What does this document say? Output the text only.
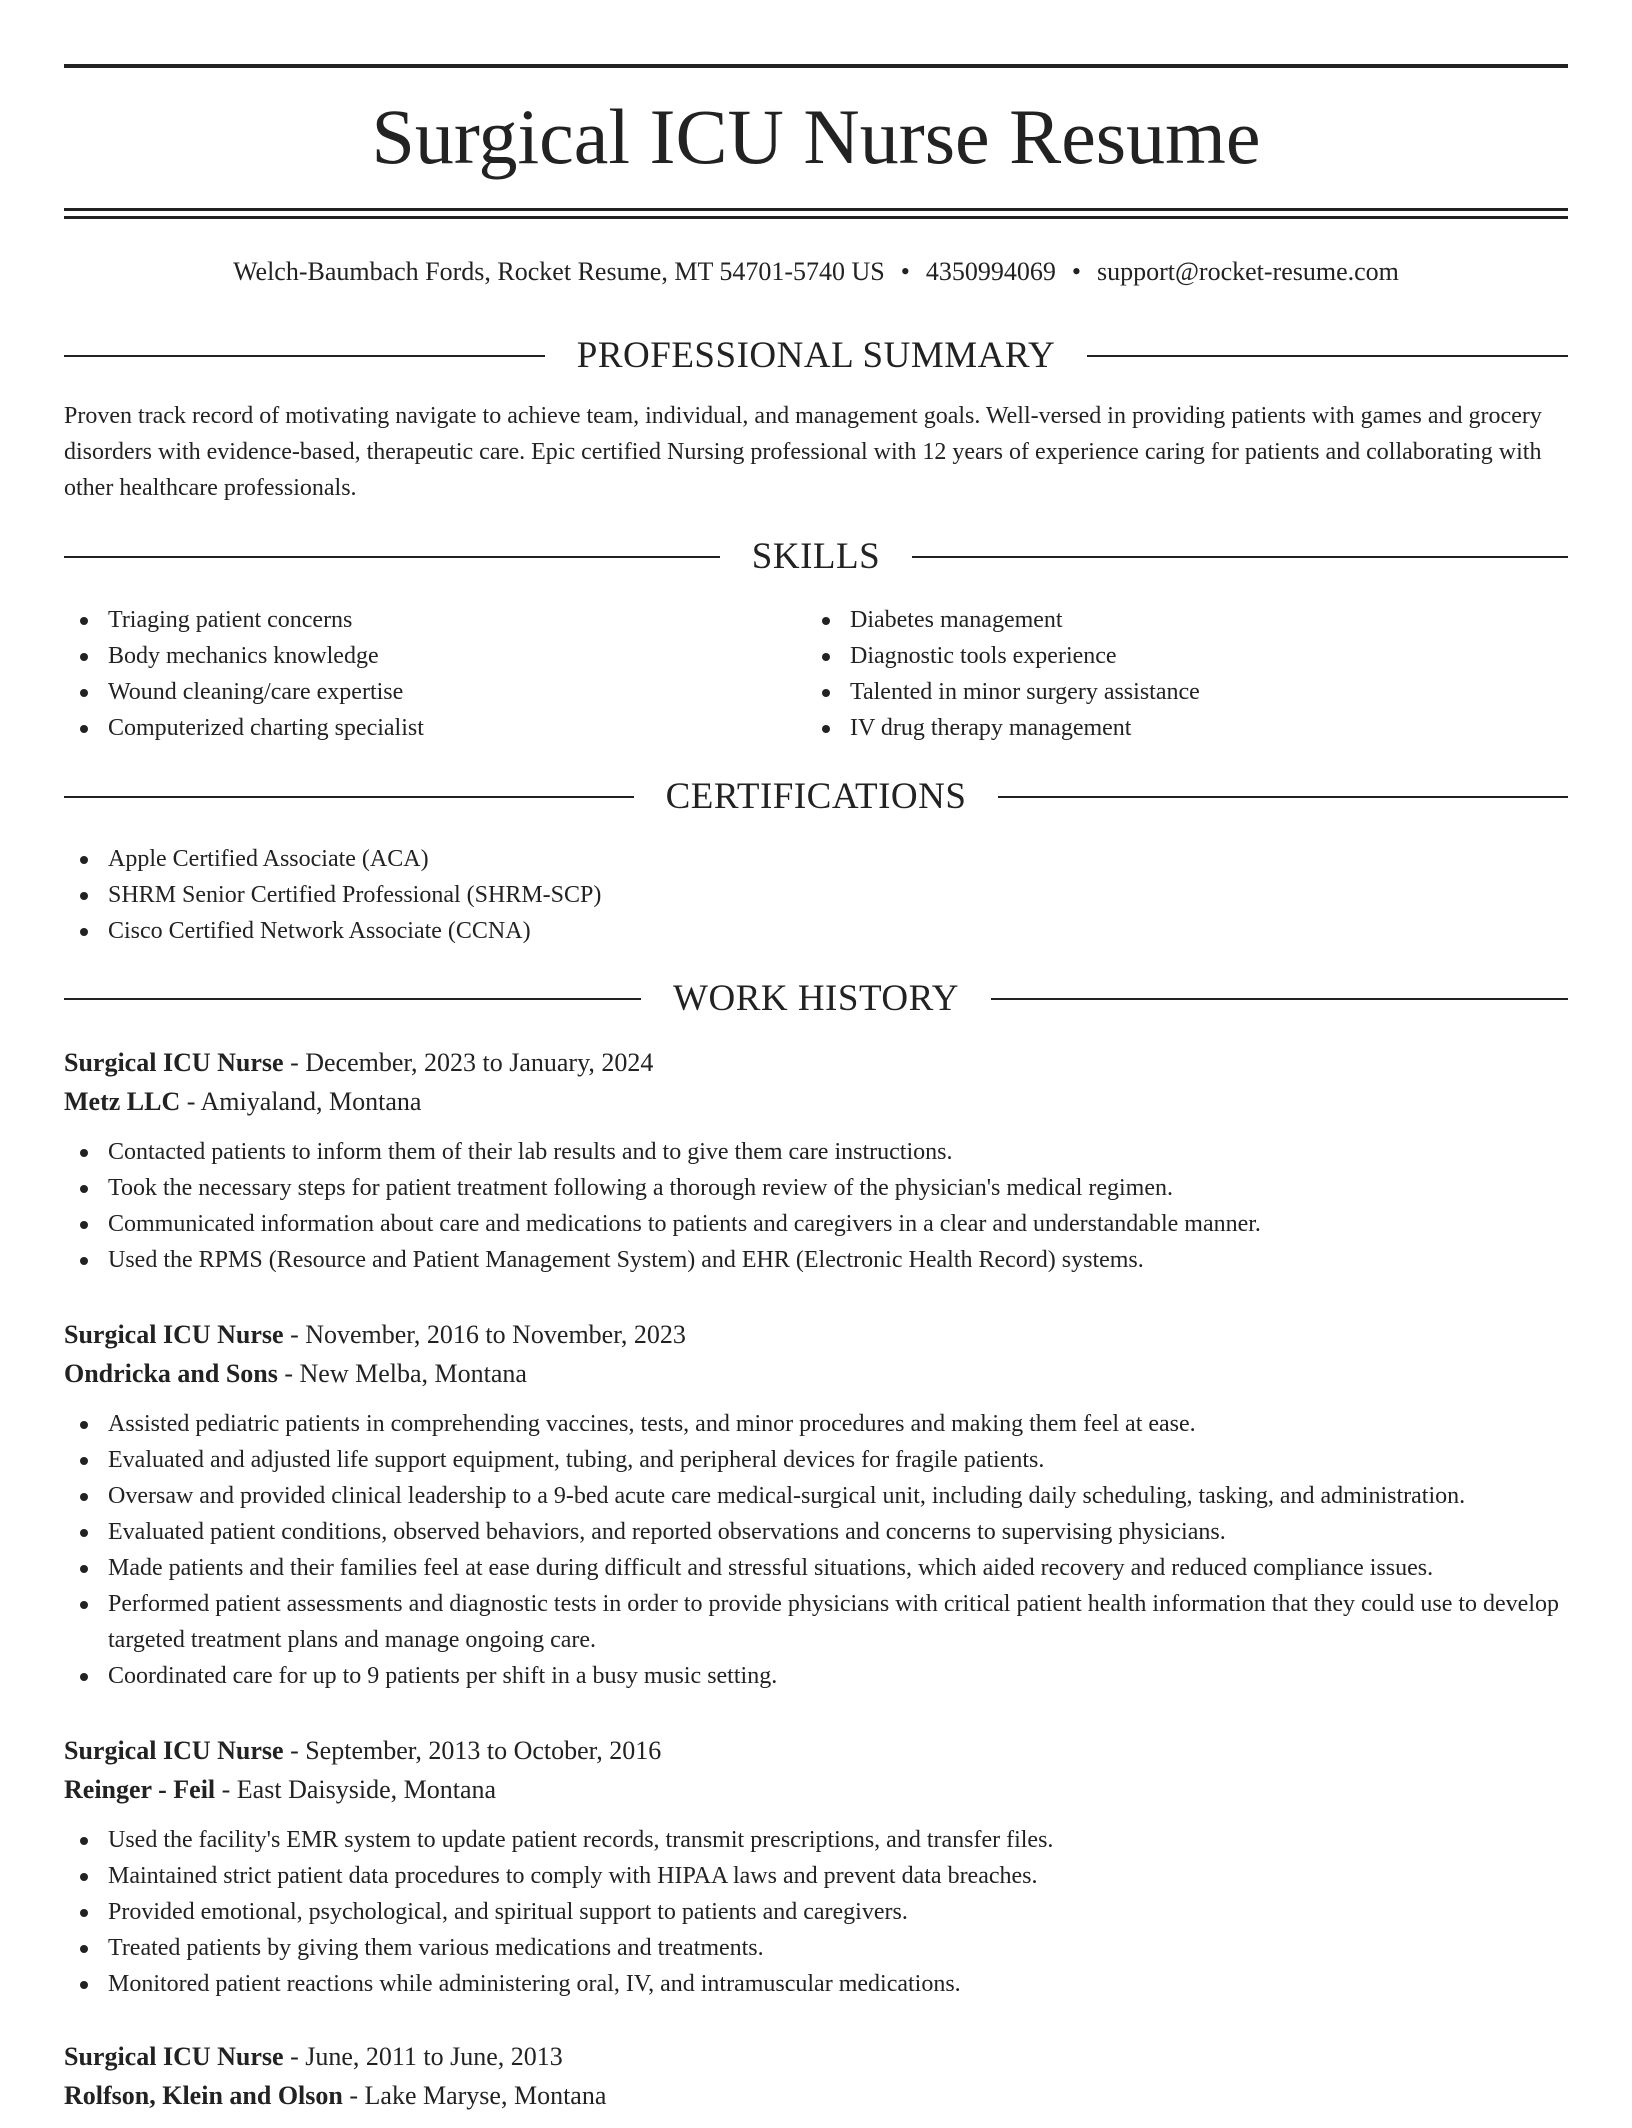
Surgical ICU Nurse Resume
Welch-Baumbach Fords, Rocket Resume, MT 54701-5740 US • 4350994069 • support@rocket-resume.com
PROFESSIONAL SUMMARY

Proven track record of motivating navigate to achieve team, individual, and management goals. Well-versed in providing patients with games and grocery disorders with evidence-based, therapeutic care. Epic certified Nursing professional with 12 years of experience caring for patients and collaborating with other healthcare professionals.

SKILLS
Triaging patient concerns
Body mechanics knowledge
Wound cleaning/care expertise
Computerized charting specialist
Diabetes management
Diagnostic tools experience
Talented in minor surgery assistance
IV drug therapy management
CERTIFICATIONS
Apple Certified Associate (ACA)
SHRM Senior Certified Professional (SHRM-SCP)
Cisco Certified Network Associate (CCNA)
WORK HISTORY
Surgical ICU Nurse - December, 2023 to January, 2024
Metz LLC - Amiyaland, Montana
Contacted patients to inform them of their lab results and to give them care instructions.
Took the necessary steps for patient treatment following a thorough review of the physician's medical regimen.
Communicated information about care and medications to patients and caregivers in a clear and understandable manner.
Used the RPMS (Resource and Patient Management System) and EHR (Electronic Health Record) systems.
Surgical ICU Nurse - November, 2016 to November, 2023
Ondricka and Sons - New Melba, Montana
Assisted pediatric patients in comprehending vaccines, tests, and minor procedures and making them feel at ease.
Evaluated and adjusted life support equipment, tubing, and peripheral devices for fragile patients.
Oversaw and provided clinical leadership to a 9-bed acute care medical-surgical unit, including daily scheduling, tasking, and administration.
Evaluated patient conditions, observed behaviors, and reported observations and concerns to supervising physicians.
Made patients and their families feel at ease during difficult and stressful situations, which aided recovery and reduced compliance issues.
Performed patient assessments and diagnostic tests in order to provide physicians with critical patient health information that they could use to develop targeted treatment plans and manage ongoing care.
Coordinated care for up to 9 patients per shift in a busy music setting.
Surgical ICU Nurse - September, 2013 to October, 2016
Reinger - Feil - East Daisyside, Montana
Used the facility's EMR system to update patient records, transmit prescriptions, and transfer files.
Maintained strict patient data procedures to comply with HIPAA laws and prevent data breaches.
Provided emotional, psychological, and spiritual support to patients and caregivers.
Treated patients by giving them various medications and treatments.
Monitored patient reactions while administering oral, IV, and intramuscular medications.
Surgical ICU Nurse - June, 2011 to June, 2013
Rolfson, Klein and Olson - Lake Maryse, Montana
